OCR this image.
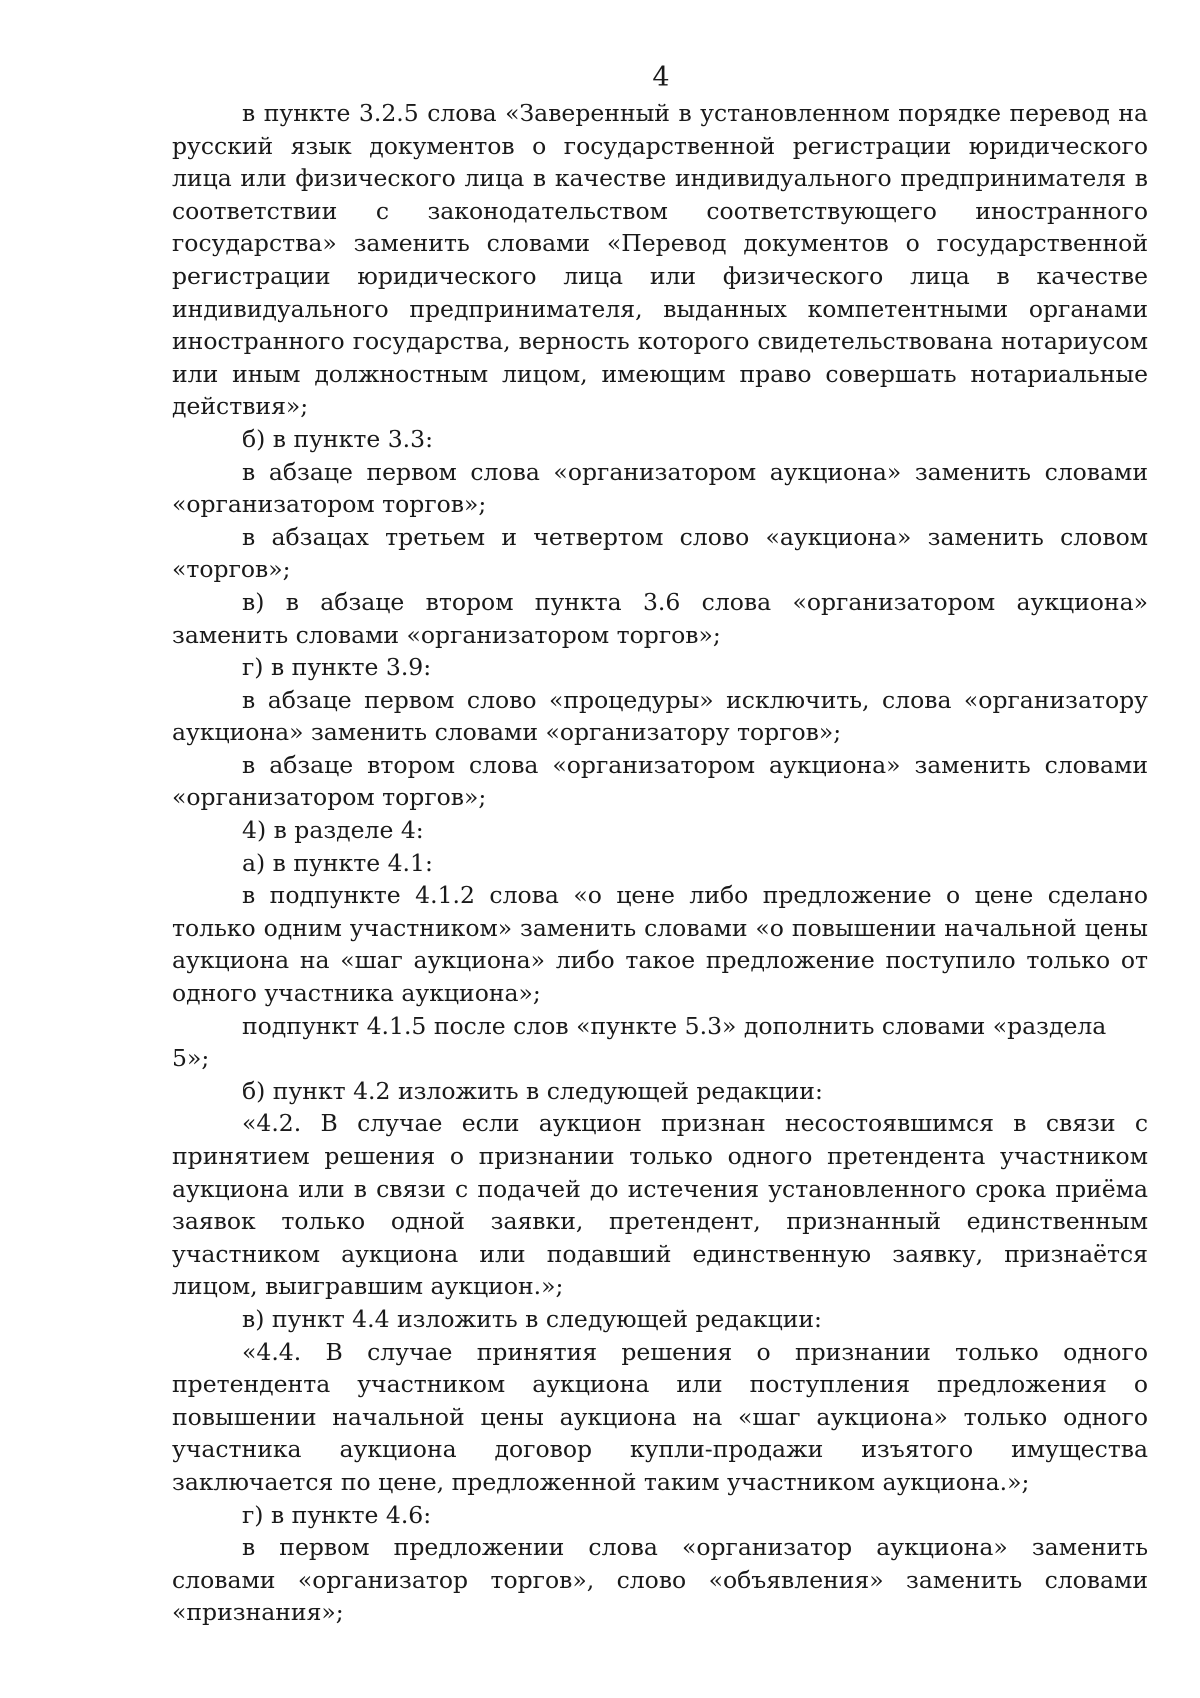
4

в пункте 3.2.5 слова «Заверенный в установленном порядке перевод на русский язык документов о государственной регистрации юридического лица или физического лица в качестве индивидуального предпринимателя в соответствии с законодательством соответствующего иностранного государства» заменить словами «Перевод документов о государственной регистрации юридического лица или физического лица в качестве индивидуального предпринимателя, выданных компетентными органами иностранного государства, верность которого свидетельствована нотариусом или иным должностным лицом, имеющим право совершать нотариальные действия»;

б) в пункте 3.3:

в абзаце первом слова «организатором аукциона» заменить словами «организатором торгов»;

в абзацах третьем и четвертом слово «аукциона» заменить словом «торгов»;

в) в абзаце втором пункта 3.6 слова «организатором аукциона» заменить словами «организатором торгов»;

г) в пункте 3.9:

в абзаце первом слово «процедуры» исключить, слова «организатору аукциона» заменить словами «организатору торгов»;

в абзаце втором слова «организатором аукциона» заменить словами «организатором торгов»;

4) в разделе 4:

а) в пункте 4.1:

в подпункте 4.1.2 слова «о цене либо предложение о цене сделано только одним участником» заменить словами «о повышении начальной цены аукциона на «шаг аукциона» либо такое предложение поступило только от одного участника аукциона»;

подпункт 4.1.5 после слов «пункте 5.3» дополнить словами «раздела 5»;

б) пункт 4.2 изложить в следующей редакции:

«4.2. В случае если аукцион признан несостоявшимся в связи с принятием решения о признании только одного претендента участником аукциона или в связи с подачей до истечения установленного срока приёма заявок только одной заявки, претендент, признанный единственным участником аукциона или подавший единственную заявку, признаётся лицом, выигравшим аукцион.»;

в) пункт 4.4 изложить в следующей редакции:

«4.4. В случае принятия решения о признании только одного претендента участником аукциона или поступления предложения о повышении начальной цены аукциона на «шаг аукциона» только одного участника аукциона договор купли-продажи изъятого имущества заключается по цене, предложенной таким участником аукциона.»;

г) в пункте 4.6:

в первом предложении слова «организатор аукциона» заменить словами «организатор торгов», слово «объявления» заменить словами «признания»;
